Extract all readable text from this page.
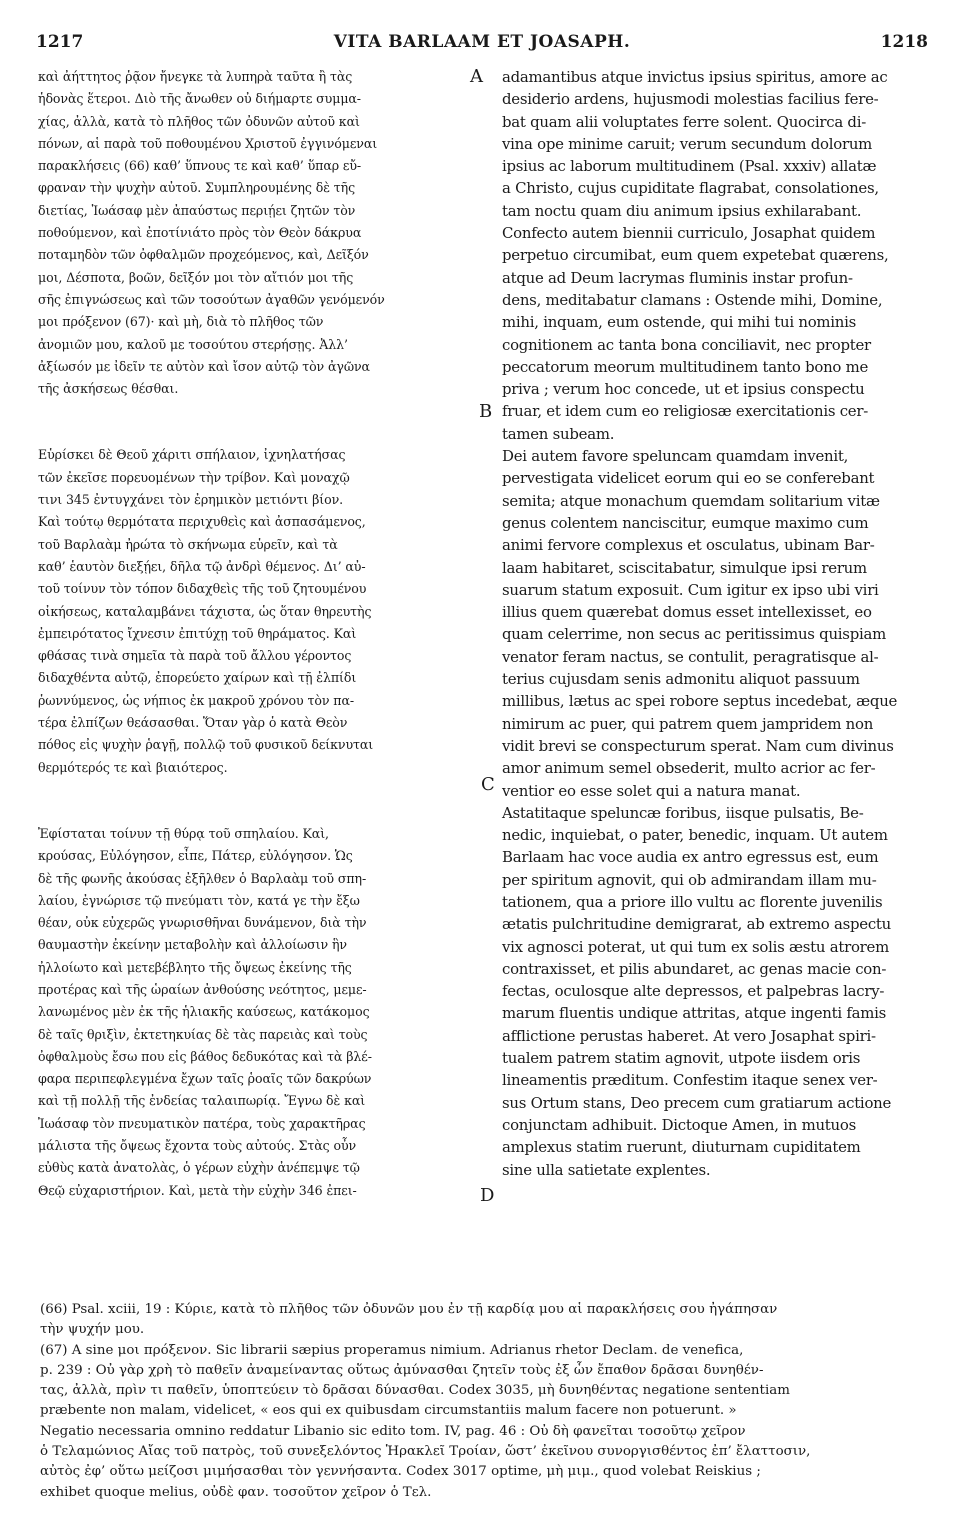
1217	VITA BARLAAM ET JOASAPH.	1218

καὶ ἀήττητος ῥᾷον ἤνεγκε τὰ λυπηρὰ ταῦτα ἢ τὰς

ἡδονὰς ἕτεροι. Διὸ τῆς ἄνωθεν οὐ διήμαρτε συμμα-

χίας, ἀλλὰ, κατὰ τὸ πλῆθος τῶν ὀδυνῶν αὐτοῦ καὶ

πόνων, αἱ παρὰ τοῦ ποθουμένου Χριστοῦ ἐγγινόμεναι

παρακλήσεις (66) καθ’ ὕπνους τε καὶ καθ’ ὕπαρ εὔ-

φραναν τὴν ψυχὴν αὐτοῦ. Συμπληρουμένης δὲ τῆς

διετίας, Ἰωάσαφ μὲν ἀπαύστως περιῄει ζητῶν τὸν

ποθούμενον, καὶ ἐποτίνιάτο πρὸς τὸν Θεὸν δάκρυα

ποταμηδὸν τῶν ὀφθαλμῶν προχεόμενος, καὶ, Δεῖξόν

μοι, Δέσποτα, βοῶν, δεῖξόν μοι τὸν αἴτιόν μοι τῆς

σῆς ἐπιγνώσεως καὶ τῶν τοσούτων ἀγαθῶν γενόμενόν

μοι πρόξενον (67)· καὶ μὴ, διὰ τὸ πλῆθος τῶν

ἀνομιῶν μου, καλοῦ με τοσούτου στερήσῃς. Ἀλλ’

ἀξίωσόν με ἰδεῖν τε αὐτὸν καὶ ἴσον αὐτῷ τὸν ἀγῶνα

τῆς ἀσκήσεως θέσθαι.

Εὑρίσκει δὲ Θεοῦ χάριτι σπήλαιον, ἰχνηλατήσας

τῶν ἐκεῖσε πορευομένων τὴν τρίβον. Καὶ μοναχῷ

τινι 345 ἐντυγχάνει τὸν ἐρημικὸν μετιόντι βίον.

Καὶ τούτῳ θερμότατα περιχυθεὶς καὶ ἀσπασάμενος,

τοῦ Βαρλαὰμ ἠρώτα τὸ σκήνωμα εὑρεῖν, καὶ τὰ

καθ’ ἑαυτὸν διεξῄει, δῆλα τῷ ἀνδρὶ θέμενος. Δι’ αὐ-

τοῦ τοίνυν τὸν τόπον διδαχθεὶς τῆς τοῦ ζητουμένου

οἰκήσεως, καταλαμβάνει τάχιστα, ὡς ὅταν θηρευτὴς

ἐμπειρότατος ἴχνεσιν ἐπιτύχῃ τοῦ θηράματος. Καὶ

φθάσας τινὰ σημεῖα τὰ παρὰ τοῦ ἄλλου γέροντος

διδαχθέντα αὐτῷ, ἐπορεύετο χαίρων καὶ τῇ ἐλπίδι

ῥωννύμενος, ὡς νήπιος ἐκ μακροῦ χρόνου τὸν πα-

τέρα ἐλπίζων θεάσασθαι. Ὅταν γὰρ ὁ κατὰ Θεὸν

πόθος εἰς ψυχὴν ῥαγῇ, πολλῷ τοῦ φυσικοῦ δείκνυται

θερμότερός τε καὶ βιαιότερος.

Ἐφίσταται τοίνυν τῇ θύρᾳ τοῦ σπηλαίου. Καὶ,

κρούσας, Εὐλόγησον, εἶπε, Πάτερ, εὐλόγησον. Ὡς

δὲ τῆς φωνῆς ἀκούσας ἐξῆλθεν ὁ Βαρλαὰμ τοῦ σπη-

λαίου, ἐγνώρισε τῷ πνεύματι τὸν, κατά γε τὴν ἔξω

θέαν, οὐκ εὐχερῶς γνωρισθῆναι δυνάμενον, διὰ τὴν

θαυμαστὴν ἐκείνην μεταβολὴν καὶ ἀλλοίωσιν ἣν

ἠλλοίωτο καὶ μετεβέβλητο τῆς ὄψεως ἐκείνης τῆς

προτέρας καὶ τῆς ὡραίων ἀνθούσης νεότητος, μεμε-

λανωμένος μὲν ἐκ τῆς ἡλιακῆς καύσεως, κατάκομος

δὲ ταῖς θριξὶν, ἐκτετηκυίας δὲ τὰς παρειὰς καὶ τοὺς

ὀφθαλμοὺς ἔσω που εἰς βάθος δεδυκότας καὶ τὰ βλέ-

φαρα περιπεφλεγμένα ἔχων ταῖς ῥοαῖς τῶν δακρύων

καὶ τῇ πολλῇ τῆς ἐνδείας ταλαιπωρίᾳ. Ἔγνω δὲ καὶ

Ἰωάσαφ τὸν πνευματικὸν πατέρα, τοὺς χαρακτῆρας

μάλιστα τῆς ὄψεως ἔχοντα τοὺς αὐτούς. Στὰς οὖν

εὐθὺς κατὰ ἀνατολὰς, ὁ γέρων εὐχὴν ἀνέπεμψε τῷ

Θεῷ εὐχαριστήριον. Καὶ, μετὰ τὴν εὐχὴν 346 ἐπει-

A
B
C
D

adamantibus atque invictus ipsius spiritus, amore ac

desiderio ardens, hujusmodi molestias facilius fere-

bat quam alii voluptates ferre solent. Quocirca di-

vina ope minime caruit; verum secundum dolorum

ipsius ac laborum multitudinem (Psal. xxxiv) allatæ

a Christo, cujus cupiditate flagrabat, consolationes,

tam noctu quam diu animum ipsius exhilarabant.

Confecto autem biennii curriculo, Josaphat quidem

perpetuo circumibat, eum quem expetebat quærens,

atque ad Deum lacrymas fluminis instar profun-

dens, meditabatur clamans : Ostende mihi, Domine,

mihi, inquam, eum ostende, qui mihi tui nominis

cognitionem ac tanta bona conciliavit, nec propter

peccatorum meorum multitudinem tanto bono me

priva ; verum hoc concede, ut et ipsius conspectu

fruar, et idem cum eo religiosæ exercitationis cer-

tamen subeam.

Dei autem favore speluncam quamdam invenit,

pervestigata videlicet eorum qui eo se conferebant

semita; atque monachum quemdam solitarium vitæ

genus colentem nanciscitur, eumque maximo cum

animi fervore complexus et osculatus, ubinam Bar-

laam habitaret, sciscitabatur, simulque ipsi rerum

suarum statum exposuit. Cum igitur ex ipso ubi viri

illius quem quærebat domus esset intellexisset, eo

quam celerrime, non secus ac peritissimus quispiam

venator feram nactus, se contulit, peragratisque al-

terius cujusdam senis admonitu aliquot passuum

millibus, lætus ac spei robore septus incedebat, æque

nimirum ac puer, qui patrem quem jampridem non

vidit brevi se conspecturum sperat. Nam cum divinus

amor animum semel obsederit, multo acrior ac fer-

ventior eo esse solet qui a natura manat.

Astatitaque speluncæ foribus, iisque pulsatis, Be-

nedic, inquiebat, o pater, benedic, inquam. Ut autem

Barlaam hac voce audia ex antro egressus est, eum

per spiritum agnovit, qui ob admirandam illam mu-

tationem, qua a priore illo vultu ac florente juvenilis

ætatis pulchritudine demigrarat, ab extremo aspectu

vix agnosci poterat, ut qui tum ex solis æstu atrorem

contraxisset, et pilis abundaret, ac genas macie con-

fectas, oculosque alte depressos, et palpebras lacry-

marum fluentis undique attritas, atque ingenti famis

afflictione perustas haberet. At vero Josaphat spiri-

tualem patrem statim agnovit, utpote iisdem oris

lineamentis præditum. Confestim itaque senex ver-

sus Ortum stans, Deo precem cum gratiarum actione

conjunctam adhibuit. Dictoque Amen, in mutuos

amplexus statim ruerunt, diuturnam cupiditatem

sine ulla satietate explentes.

(66) Psal. xciii, 19 : Κύριε, κατὰ τὸ πλῆθος τῶν ὀδυνῶν μου ἐν τῇ καρδίᾳ μου αἱ παρακλήσεις σου ἠγάπησαν

τὴν ψυχήν μου.

(67) Α sine μοι πρόξενον. Sic librarii sæpius properamus nimium. Adrianus rhetor Declam. de venefica,

p. 239 : Οὐ γὰρ χρὴ τὸ παθεῖν ἀναμείναντας οὕτως ἀμύνασθαι ζητεῖν τοὺς ἐξ ὧν ἔπαθον δρᾶσαι δυνηθέν-

τας, ἀλλὰ, πρὶν τι παθεῖν, ὑποπτεύειν τὸ δρᾶσαι δύνασθαι. Codex 3035, μὴ δυνηθέντας negatione sententiam

præbente non malam, videlicet, « eos qui ex quibusdam circumstantiis malum facere non potuerunt. »

Negatio necessaria omnino reddatur Libanio sic edito tom. IV, pag. 46 : Οὐ δὴ φανεῖται τοσοῦτῳ χεῖρον

ὁ Τελαμώνιος Αἴας τοῦ πατρὸς, τοῦ συνεξελόντος Ἡρακλεῖ Τροίαν, ὥστ’ ἐκεῖνου συνοργισθέντος ἐπ’ ἔλαττοσιν,

αὐτὸς ἐφ’ οὕτω μείζοσι μιμήσασθαι τὸν γεννήσαντα. Codex 3017 optime, μὴ μιμ., quod volebat Reiskius ;

exhibet quoque melius, οὐδὲ φαν. τοσοῦτον χεῖρον ὁ Τελ.
